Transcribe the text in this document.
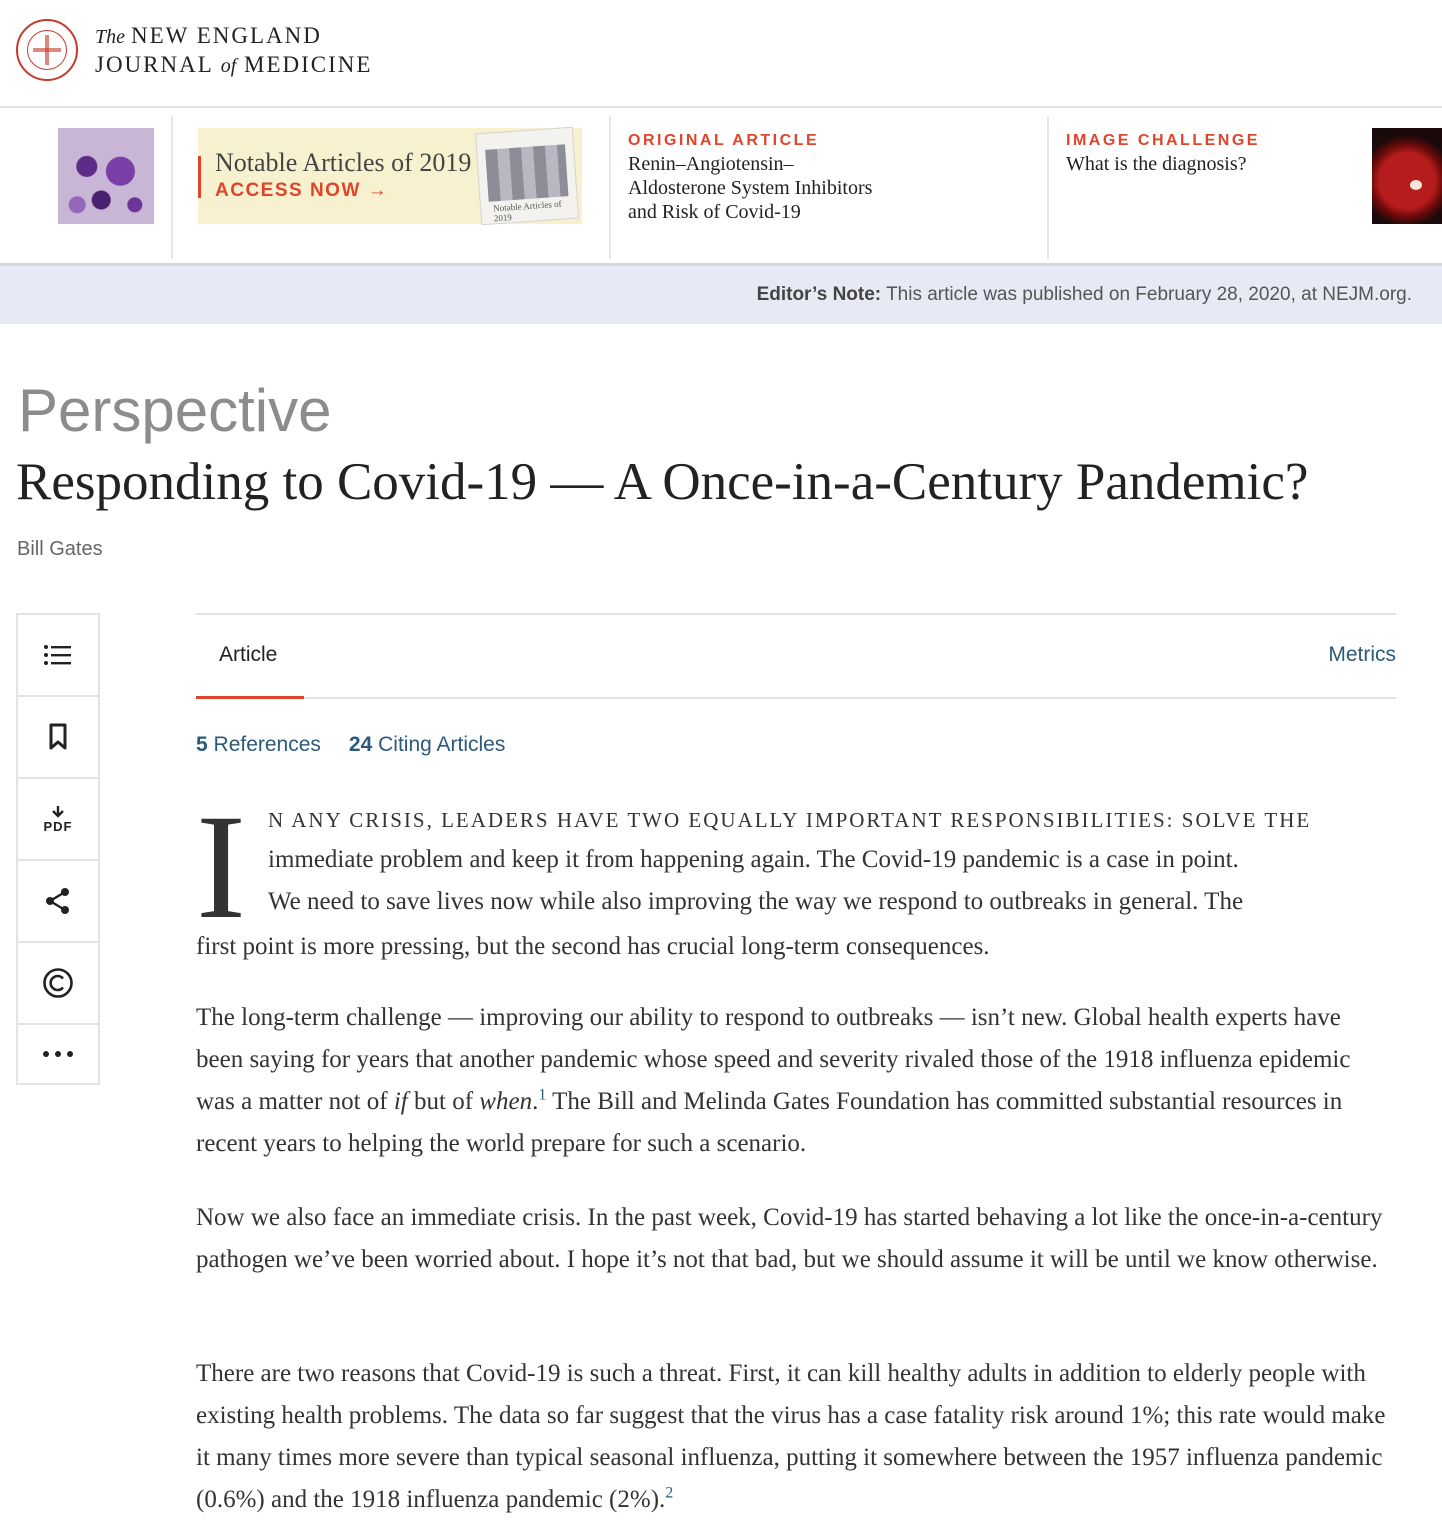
The NEW ENGLAND
JOURNAL of MEDICINE
Notable Articles of 2019
ACCESS NOW →
Notable Articles of 2019
ORIGINAL ARTICLE
Renin–Angiotensin–
Aldosterone System Inhibitors
and Risk of Covid-19
IMAGE CHALLENGE
What is the diagnosis?
Editor’s Note: This article was published on February 28, 2020, at NEJM.org.
Perspective
Responding to Covid-19 — A Once-in-a-Century Pandemic?
Bill Gates
PDF
Article	Metrics
5 References 24 Citing Articles
I N ANY CRISIS, LEADERS HAVE TWO EQUALLY IMPORTANT RESPONSIBILITIES: SOLVE THE
immediate problem and keep it from happening again. The Covid-19 pandemic is a case in point.
We need to save lives now while also improving the way we respond to outbreaks in general. The
first point is more pressing, but the second has crucial long-term consequences.

The long-term challenge — improving our ability to respond to outbreaks — isn’t new. Global health experts have been saying for years that another pandemic whose speed and severity rivaled those of the 1918 influenza epidemic was a matter not of if but of when.$^1$ The Bill and Melinda Gates Foundation has committed substantial resources in recent years to helping the world prepare for such a scenario.

Now we also face an immediate crisis. In the past week, Covid-19 has started behaving a lot like the once-in-a-century pathogen we’ve been worried about. I hope it’s not that bad, but we should assume it will be until we know otherwise.

There are two reasons that Covid-19 is such a threat. First, it can kill healthy adults in addition to elderly people with existing health problems. The data so far suggest that the virus has a case fatality risk around 1%; this rate would make it many times more severe than typical seasonal influenza, putting it somewhere between the 1957 influenza pandemic (0.6%) and the 1918 influenza pandemic (2%).$^2$
